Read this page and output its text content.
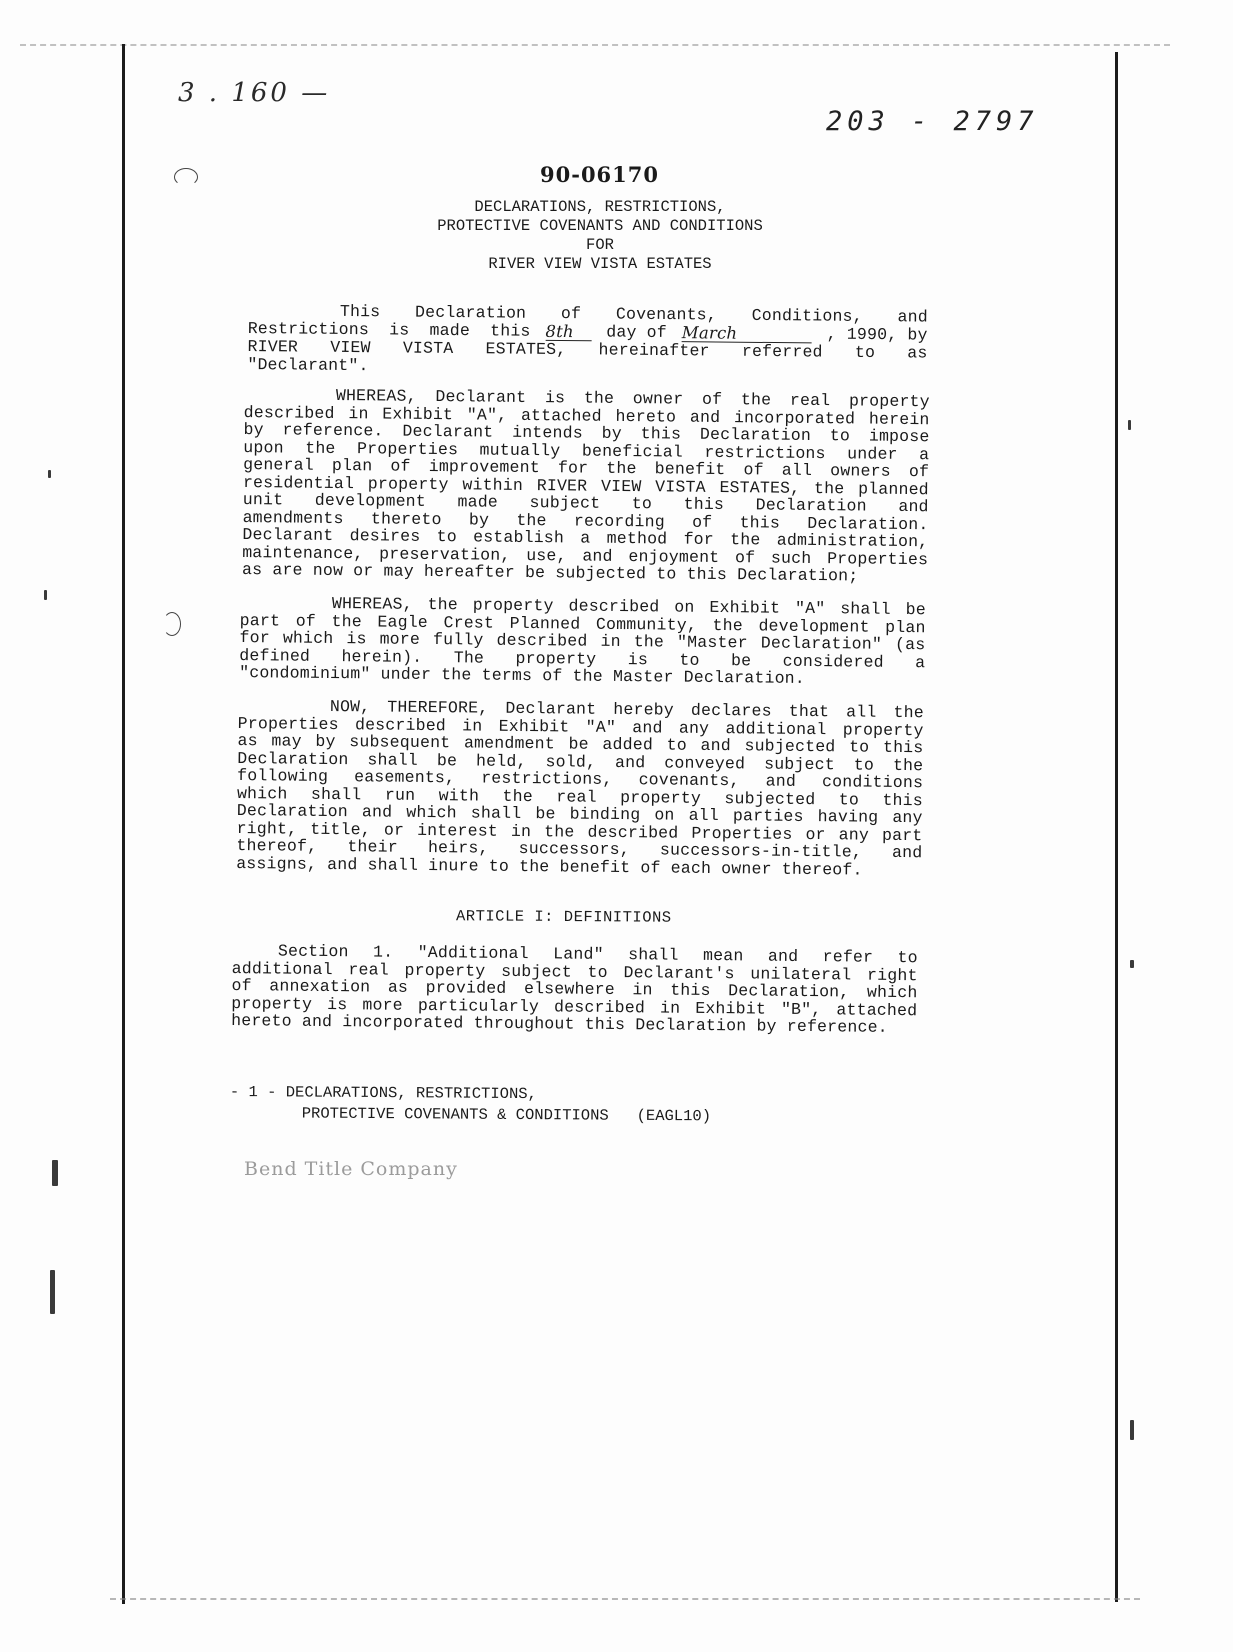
3 . 160 —
203 - 2797
90-06170
DECLARATIONS, RESTRICTIONS,
PROTECTIVE COVENANTS AND CONDITIONS
FOR
RIVER VIEW VISTA ESTATES

This Declaration of Covenants, Conditions, and

Restrictions  is  made  this 8th	day of March	, 1990, by

RIVER VIEW VISTA ESTATES, hereinafter referred to as

"Declarant".

WHEREAS, Declarant is the owner of the real property

described in Exhibit "A", attached hereto and incorporated herein

by reference. Declarant intends by this Declaration to impose

upon the Properties mutually beneficial restrictions under a

general plan of improvement for the benefit of all owners of

residential property within RIVER VIEW VISTA ESTATES, the planned

unit development made subject to this Declaration and

amendments thereto by the recording of this Declaration.

Declarant desires to establish a method for the administration,

maintenance, preservation, use, and enjoyment of such Properties

as are now or may hereafter be subjected to this Declaration;

WHEREAS, the property described on Exhibit "A" shall be

part of the Eagle Crest Planned Community, the development plan

for which is more fully described in the "Master Declaration" (as

defined herein). The property is to be considered a

"condominium" under the terms of the Master Declaration.

NOW, THEREFORE, Declarant hereby declares that all the

Properties described in Exhibit "A" and any additional property

as may by subsequent amendment be added to and subjected to this

Declaration shall be held, sold, and conveyed subject to the

following easements, restrictions, covenants, and conditions

which shall run with the real property subjected to this

Declaration and which shall be binding on all parties having any

right, title, or interest in the described Properties or any part

thereof, their heirs, successors, successors-in-title, and

assigns, and shall inure to the benefit of each owner thereof.

ARTICLE I: DEFINITIONS

Section 1. "Additional Land" shall mean and refer to

additional real property subject to Declarant's unilateral right

of annexation as provided elsewhere in this Declaration, which

property is more particularly described in Exhibit "B", attached

hereto and incorporated throughout this Declaration by reference.

- 1 - DECLARATIONS, RESTRICTIONS,
PROTECTIVE COVENANTS & CONDITIONS   (EAGL10)
Bend Title Company
